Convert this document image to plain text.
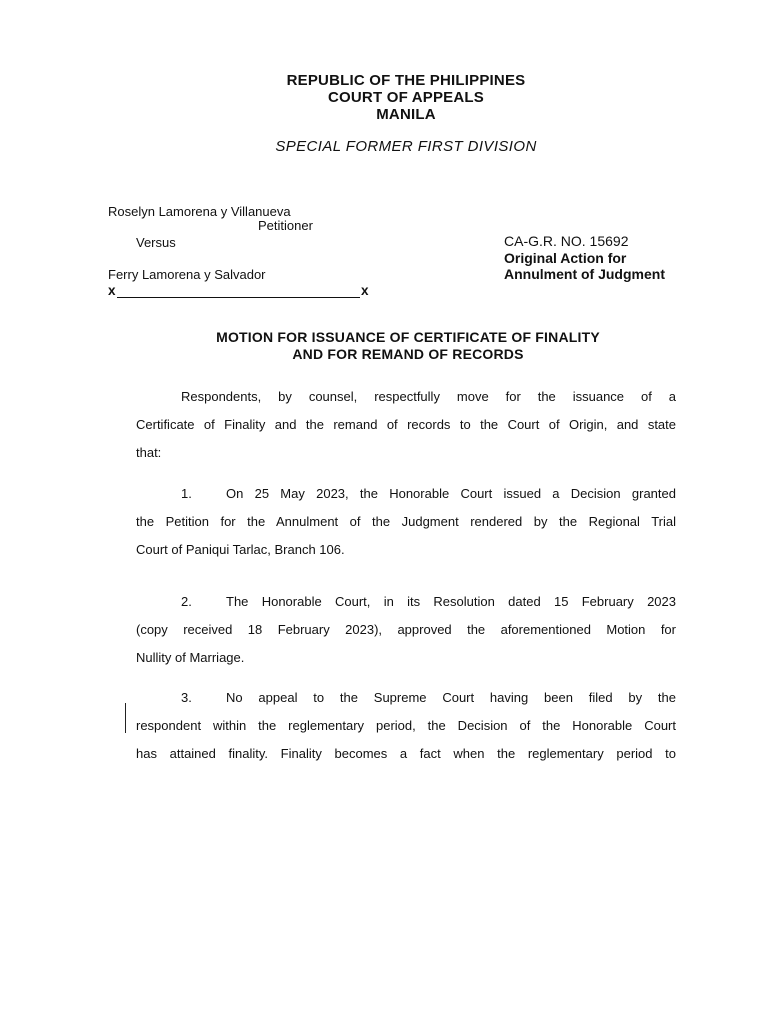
REPUBLIC OF THE PHILIPPINES
COURT OF APPEALS
MANILA
SPECIAL FORMER FIRST DIVISION
Roselyn Lamorena y Villanueva
Petitioner
Versus
Ferry Lamorena y Salvador
x	x
CA-G.R. NO. 15692
Original Action for
Annulment of Judgment
MOTION FOR ISSUANCE OF CERTIFICATE OF FINALITY
AND FOR REMAND OF RECORDS
Respondents, by counsel, respectfully move for the issuance of a
Certificate of Finality and the remand of records to the Court of Origin, and state
that:
1.	On 25 May 2023, the Honorable Court issued a Decision granted
the Petition for the Annulment of the Judgment rendered by the Regional Trial
Court of Paniqui Tarlac, Branch 106.
2.	The Honorable Court, in its Resolution dated 15 February 2023
(copy received 18 February 2023), approved the aforementioned Motion for
Nullity of Marriage.
3.	No appeal to the Supreme Court having been filed by the
respondent within the reglementary period, the Decision of the Honorable Court
has attained finality. Finality becomes a fact when the reglementary period to
